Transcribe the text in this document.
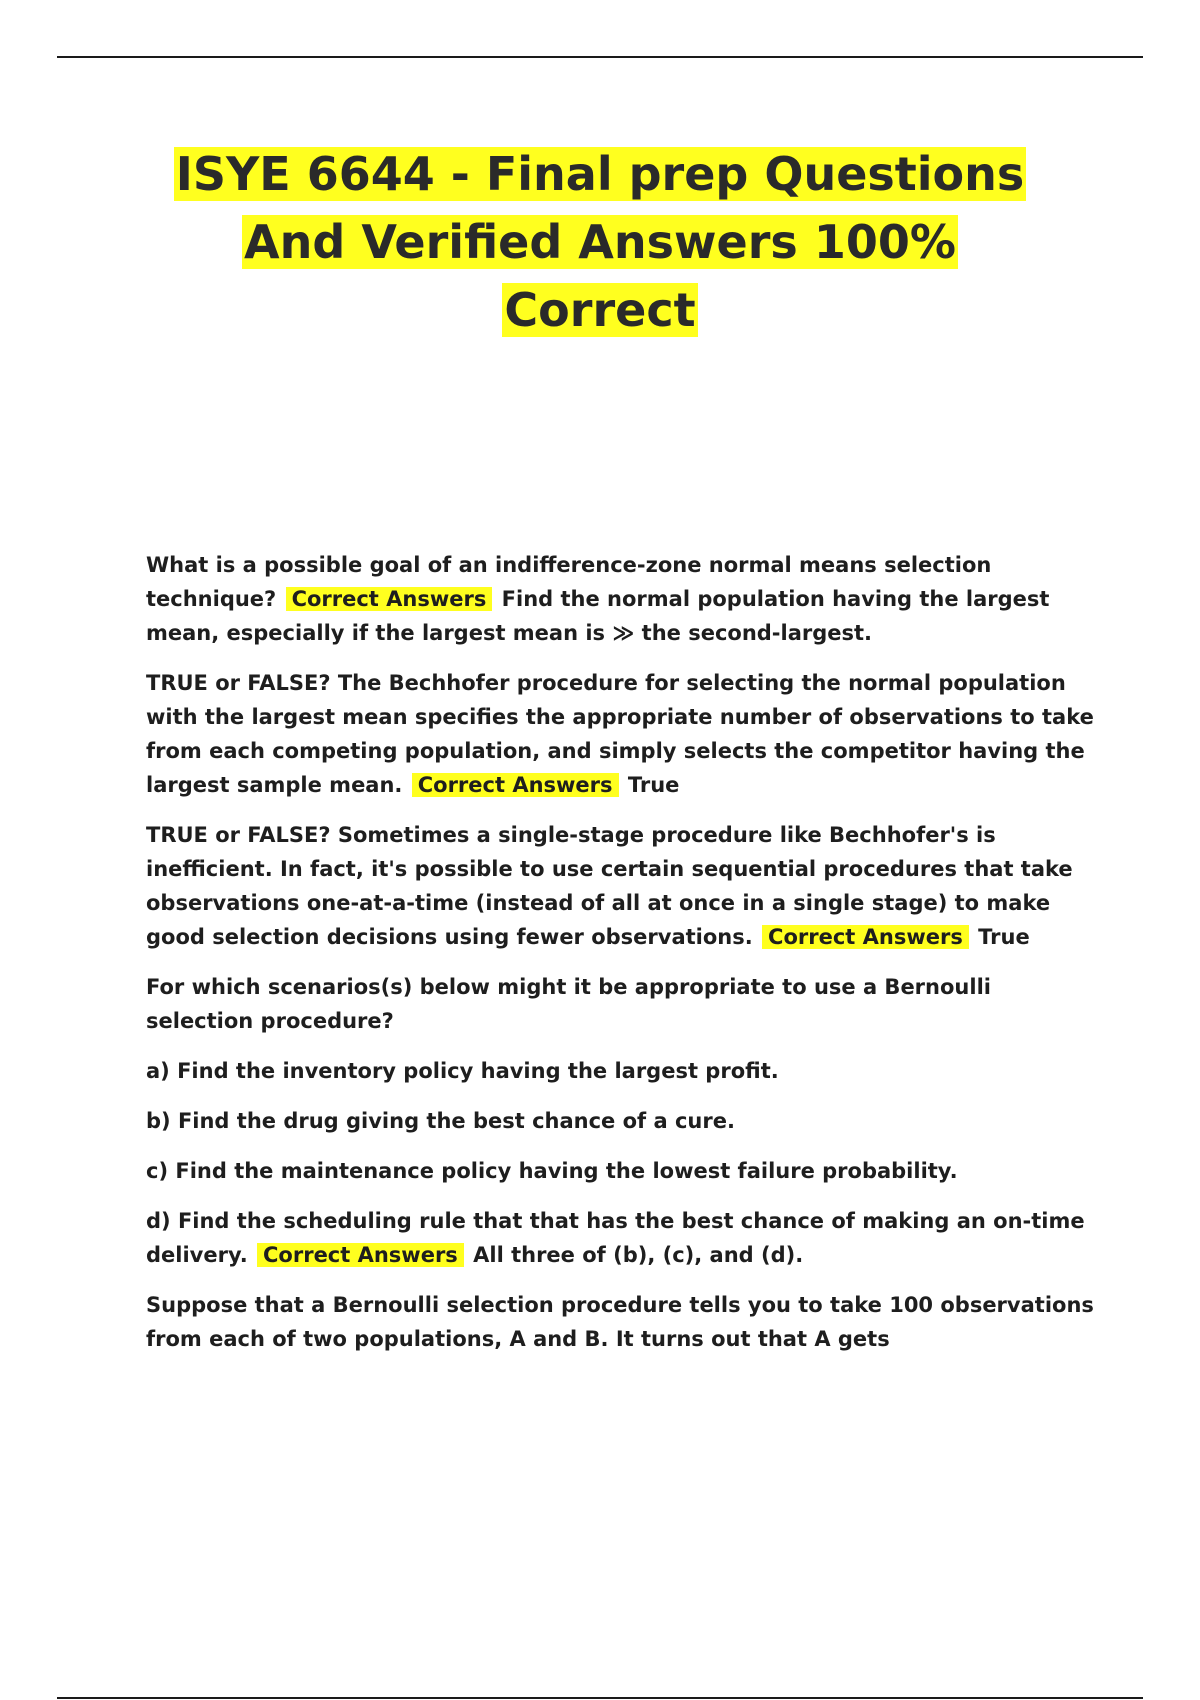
ISYE 6644 - Final prep Questions
And Verified Answers 100%
Correct

What is a possible goal of an indifference-zone normal means selection technique? Correct Answers Find the normal population having the largest mean, especially if the largest mean is ≫ the second-largest.

TRUE or FALSE? The Bechhofer procedure for selecting the normal population with the largest mean specifies the appropriate number of observations to take from each competing population, and simply selects the competitor having the largest sample mean. Correct Answers True

TRUE or FALSE? Sometimes a single-stage procedure like Bechhofer's is inefficient. In fact, it's possible to use certain sequential procedures that take observations one-at-a-time (instead of all at once in a single stage) to make good selection decisions using fewer observations. Correct Answers True

For which scenarios(s) below might it be appropriate to use a Bernoulli selection procedure?

a) Find the inventory policy having the largest profit.

b) Find the drug giving the best chance of a cure.

c) Find the maintenance policy having the lowest failure probability.

d) Find the scheduling rule that that has the best chance of making an on-time delivery. Correct Answers All three of (b), (c), and (d).

Suppose that a Bernoulli selection procedure tells you to take 100 observations from each of two populations, A and B. It turns out that A gets
